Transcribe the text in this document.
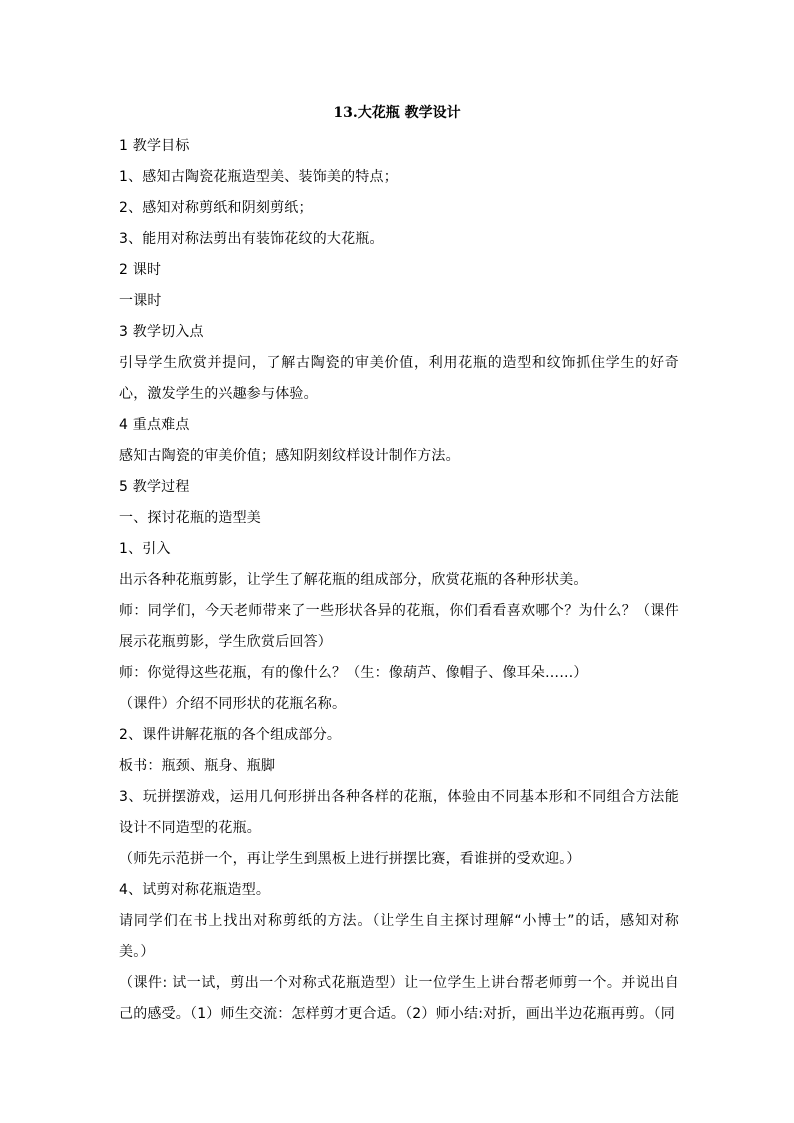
13.大花瓶 教学设计

1 教学目标

1、感知古陶瓷花瓶造型美、装饰美的特点；

2、感知对称剪纸和阴刻剪纸；

3、能用对称法剪出有装饰花纹的大花瓶。

2 课时

一课时

3 教学切入点

引导学生欣赏并提问，了解古陶瓷的审美价值，利用花瓶的造型和纹饰抓住学生的好奇心，激发学生的兴趣参与体验。

4 重点难点

感知古陶瓷的审美价值；感知阴刻纹样设计制作方法。

5 教学过程

一、探讨花瓶的造型美

1、引入

出示各种花瓶剪影，让学生了解花瓶的组成部分，欣赏花瓶的各种形状美。

师：同学们，今天老师带来了一些形状各异的花瓶，你们看看喜欢哪个？为什么？（课件展示花瓶剪影，学生欣赏后回答）

师：你觉得这些花瓶，有的像什么？（生：像葫芦、像帽子、像耳朵……）

（课件）介绍不同形状的花瓶名称。

2、课件讲解花瓶的各个组成部分。

板书：瓶颈、瓶身、瓶脚

3、玩拼摆游戏，运用几何形拼出各种各样的花瓶，体验由不同基本形和不同组合方法能设计不同造型的花瓶。

（师先示范拼一个，再让学生到黑板上进行拼摆比赛，看谁拼的受欢迎。）

4、试剪对称花瓶造型。

请同学们在书上找出对称剪纸的方法。（让学生自主探讨理解“小博士”的话，感知对称美。）

（课件: 试一试，剪出一个对称式花瓶造型）让一位学生上讲台帮老师剪一个。并说出自己的感受。（1）师生交流：怎样剪才更合适。（2）师小结:对折，画出半边花瓶再剪。（同
